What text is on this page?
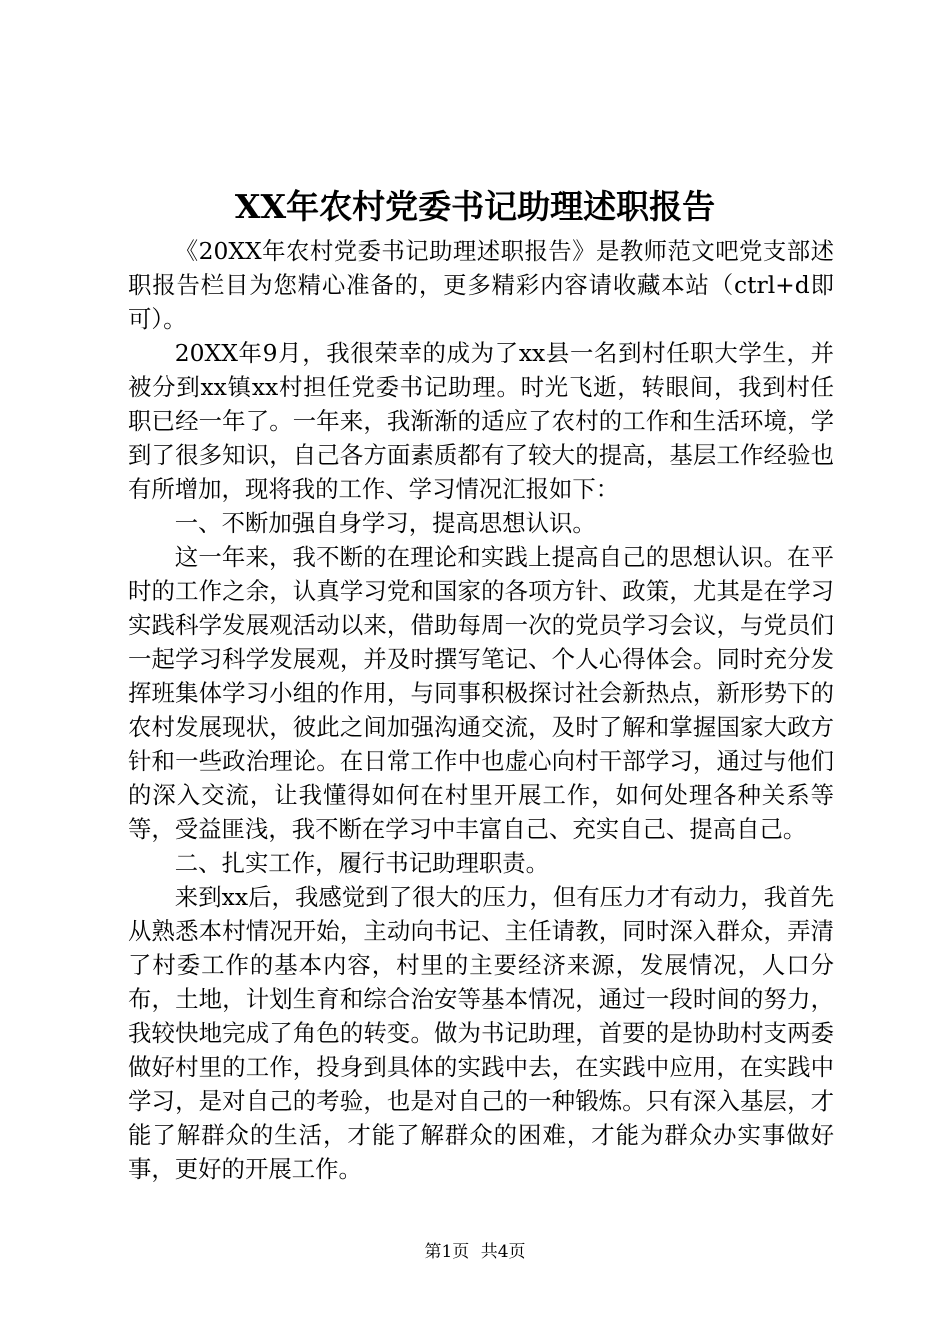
XX年农村党委书记助理述职报告

《20XX年农村党委书记助理述职报告》是教师范文吧党支部述职报告栏目为您精心准备的，更多精彩内容请收藏本站（ctrl+d即可）。

20XX年9月，我很荣幸的成为了xx县一名到村任职大学生，并被分到xx镇xx村担任党委书记助理。时光飞逝，转眼间，我到村任职已经一年了。一年来，我渐渐的适应了农村的工作和生活环境，学到了很多知识，自己各方面素质都有了较大的提高，基层工作经验也有所增加，现将我的工作、学习情况汇报如下：

一、不断加强自身学习，提高思想认识。

这一年来，我不断的在理论和实践上提高自己的思想认识。在平时的工作之余，认真学习党和国家的各项方针、政策，尤其是在学习实践科学发展观活动以来，借助每周一次的党员学习会议，与党员们一起学习科学发展观，并及时撰写笔记、个人心得体会。同时充分发挥班集体学习小组的作用，与同事积极探讨社会新热点，新形势下的农村发展现状，彼此之间加强沟通交流，及时了解和掌握国家大政方针和一些政治理论。在日常工作中也虚心向村干部学习，通过与他们的深入交流，让我懂得如何在村里开展工作，如何处理各种关系等等，受益匪浅，我不断在学习中丰富自己、充实自己、提高自己。

二、扎实工作，履行书记助理职责。

来到xx后，我感觉到了很大的压力，但有压力才有动力，我首先从熟悉本村情况开始，主动向书记、主任请教，同时深入群众，弄清了村委工作的基本内容，村里的主要经济来源，发展情况，人口分布，土地，计划生育和综合治安等基本情况，通过一段时间的努力，我较快地完成了角色的转变。做为书记助理，首要的是协助村支两委做好村里的工作，投身到具体的实践中去，在实践中应用，在实践中学习，是对自己的考验，也是对自己的一种锻炼。只有深入基层，才能了解群众的生活，才能了解群众的困难，才能为群众办实事做好事，更好的开展工作。

第1页 共4页
